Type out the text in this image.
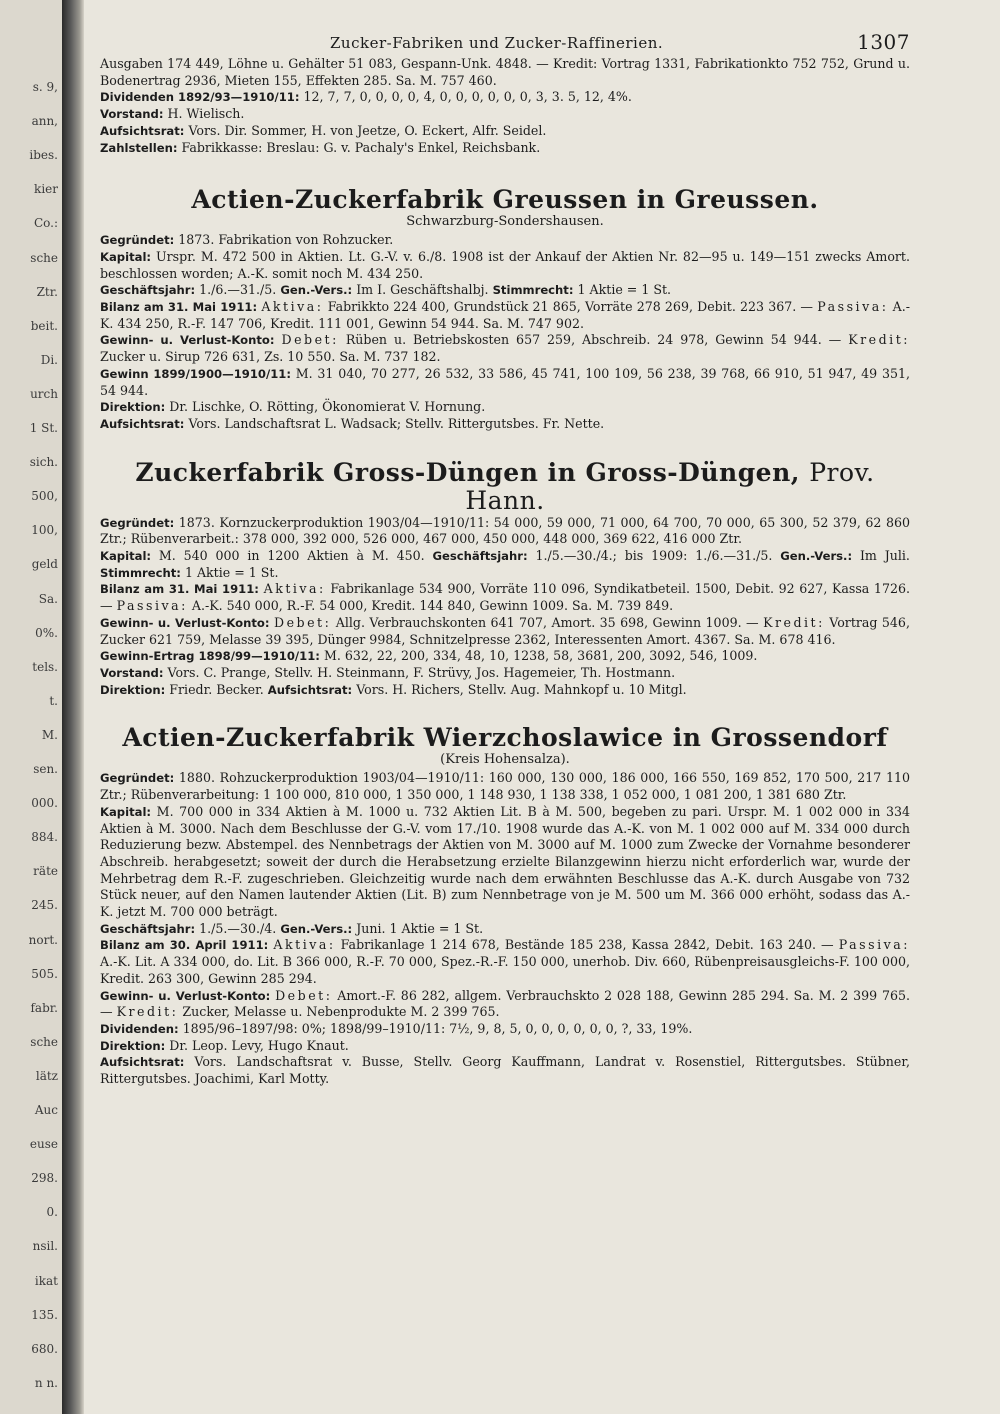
s. 9,
ann,
ibes.
kier
Co.:
sche
Ztr.
beit.
Di.
urch
1 St.
sich.
500,
100,
geld
Sa.
0%.
tels.
t.
M.
sen.
000.
884.
räte
245.
nort.
505.
fabr.
sche
lätz
Auc
euse
298.
0.
nsil.
ikat
135.
680.
n n.
Zucker-Fabriken und Zucker-Raffinerien.	1307

Ausgaben 174 449, Löhne u. Gehälter 51 083, Gespann-Unk. 4848. — Kredit: Vortrag 1331, Fabrikationkto 752 752, Grund u. Bodenertrag 2936, Mieten 155, Effekten 285. Sa. M. 757 460.

Dividenden 1892/93—1910/11: 12, 7, 7, 0, 0, 0, 0, 4, 0, 0, 0, 0, 0, 0, 3, 3. 5, 12, 4%.

Vorstand: H. Wielisch.

Aufsichtsrat: Vors. Dir. Sommer, H. von Jeetze, O. Eckert, Alfr. Seidel.

Zahlstellen: Fabrikkasse: Breslau: G. v. Pachaly's Enkel, Reichsbank.

Actien-Zuckerfabrik Greussen in Greussen.
Schwarzburg-Sondershausen.

Gegründet: 1873. Fabrikation von Rohzucker.

Kapital: Urspr. M. 472 500 in Aktien. Lt. G.-V. v. 6./8. 1908 ist der Ankauf der Aktien Nr. 82—95 u. 149—151 zwecks Amort. beschlossen worden; A.-K. somit noch M. 434 250.

Geschäftsjahr: 1./6.—31./5. Gen.-Vers.: Im I. Geschäftshalbj. Stimmrecht: 1 Aktie = 1 St.

Bilanz am 31. Mai 1911: Aktiva: Fabrikkto 224 400, Grundstück 21 865, Vorräte 278 269, Debit. 223 367. — Passiva: A.-K. 434 250, R.-F. 147 706, Kredit. 111 001, Gewinn 54 944. Sa. M. 747 902.

Gewinn- u. Verlust-Konto: Debet: Rüben u. Betriebskosten 657 259, Abschreib. 24 978, Gewinn 54 944. — Kredit: Zucker u. Sirup 726 631, Zs. 10 550. Sa. M. 737 182.

Gewinn 1899/1900—1910/11: M. 31 040, 70 277, 26 532, 33 586, 45 741, 100 109, 56 238, 39 768, 66 910, 51 947, 49 351, 54 944.

Direktion: Dr. Lischke, O. Rötting, Ökonomierat V. Hornung.

Aufsichtsrat: Vors. Landschaftsrat L. Wadsack; Stellv. Rittergutsbes. Fr. Nette.

Zuckerfabrik Gross-Düngen in Gross-Düngen, Prov. Hann.

Gegründet: 1873. Kornzuckerproduktion 1903/04—1910/11: 54 000, 59 000, 71 000, 64 700, 70 000, 65 300, 52 379, 62 860 Ztr.; Rübenverarbeit.: 378 000, 392 000, 526 000, 467 000, 450 000, 448 000, 369 622, 416 000 Ztr.

Kapital: M. 540 000 in 1200 Aktien à M. 450. Geschäftsjahr: 1./5.—30./4.; bis 1909: 1./6.—31./5. Gen.-Vers.: Im Juli. Stimmrecht: 1 Aktie = 1 St.

Bilanz am 31. Mai 1911: Aktiva: Fabrikanlage 534 900, Vorräte 110 096, Syndikatbeteil. 1500, Debit. 92 627, Kassa 1726. — Passiva: A.-K. 540 000, R.-F. 54 000, Kredit. 144 840, Gewinn 1009. Sa. M. 739 849.

Gewinn- u. Verlust-Konto: Debet: Allg. Verbrauchskonten 641 707, Amort. 35 698, Gewinn 1009. — Kredit: Vortrag 546, Zucker 621 759, Melasse 39 395, Dünger 9984, Schnitzelpresse 2362, Interessenten Amort. 4367. Sa. M. 678 416.

Gewinn-Ertrag 1898/99—1910/11: M. 632, 22, 200, 334, 48, 10, 1238, 58, 3681, 200, 3092, 546, 1009.

Vorstand: Vors. C. Prange, Stellv. H. Steinmann, F. Strüvy, Jos. Hagemeier, Th. Hostmann.

Direktion: Friedr. Becker. Aufsichtsrat: Vors. H. Richers, Stellv. Aug. Mahnkopf u. 10 Mitgl.

Actien-Zuckerfabrik Wierzchoslawice in Grossendorf
(Kreis Hohensalza).

Gegründet: 1880. Rohzuckerproduktion 1903/04—1910/11: 160 000, 130 000, 186 000, 166 550, 169 852, 170 500, 217 110 Ztr.; Rübenverarbeitung: 1 100 000, 810 000, 1 350 000, 1 148 930, 1 138 338, 1 052 000, 1 081 200, 1 381 680 Ztr.

Kapital: M. 700 000 in 334 Aktien à M. 1000 u. 732 Aktien Lit. B à M. 500, begeben zu pari. Urspr. M. 1 002 000 in 334 Aktien à M. 3000. Nach dem Beschlusse der G.-V. vom 17./10. 1908 wurde das A.-K. von M. 1 002 000 auf M. 334 000 durch Reduzierung bezw. Abstempel. des Nennbetrags der Aktien von M. 3000 auf M. 1000 zum Zwecke der Vornahme besonderer Abschreib. herabgesetzt; soweit der durch die Herabsetzung erzielte Bilanzgewinn hierzu nicht erforderlich war, wurde der Mehrbetrag dem R.-F. zugeschrieben. Gleichzeitig wurde nach dem erwähnten Beschlusse das A.-K. durch Ausgabe von 732 Stück neuer, auf den Namen lautender Aktien (Lit. B) zum Nennbetrage von je M. 500 um M. 366 000 erhöht, sodass das A.-K. jetzt M. 700 000 beträgt.

Geschäftsjahr: 1./5.—30./4. Gen.-Vers.: Juni. 1 Aktie = 1 St.

Bilanz am 30. April 1911: Aktiva: Fabrikanlage 1 214 678, Bestände 185 238, Kassa 2842, Debit. 163 240. — Passiva: A.-K. Lit. A 334 000, do. Lit. B 366 000, R.-F. 70 000, Spez.-R.-F. 150 000, unerhob. Div. 660, Rübenpreisausgleichs-F. 100 000, Kredit. 263 300, Gewinn 285 294.

Gewinn- u. Verlust-Konto: Debet: Amort.-F. 86 282, allgem. Verbrauchskto 2 028 188, Gewinn 285 294. Sa. M. 2 399 765. — Kredit: Zucker, Melasse u. Nebenprodukte M. 2 399 765.

Dividenden: 1895/96–1897/98: 0%; 1898/99–1910/11: 7½, 9, 8, 5, 0, 0, 0, 0, 0, 0, ?, 33, 19%.

Direktion: Dr. Leop. Levy, Hugo Knaut.

Aufsichtsrat: Vors. Landschaftsrat v. Busse, Stellv. Georg Kauffmann, Landrat v. Rosenstiel, Rittergutsbes. Stübner, Rittergutsbes. Joachimi, Karl Motty.
